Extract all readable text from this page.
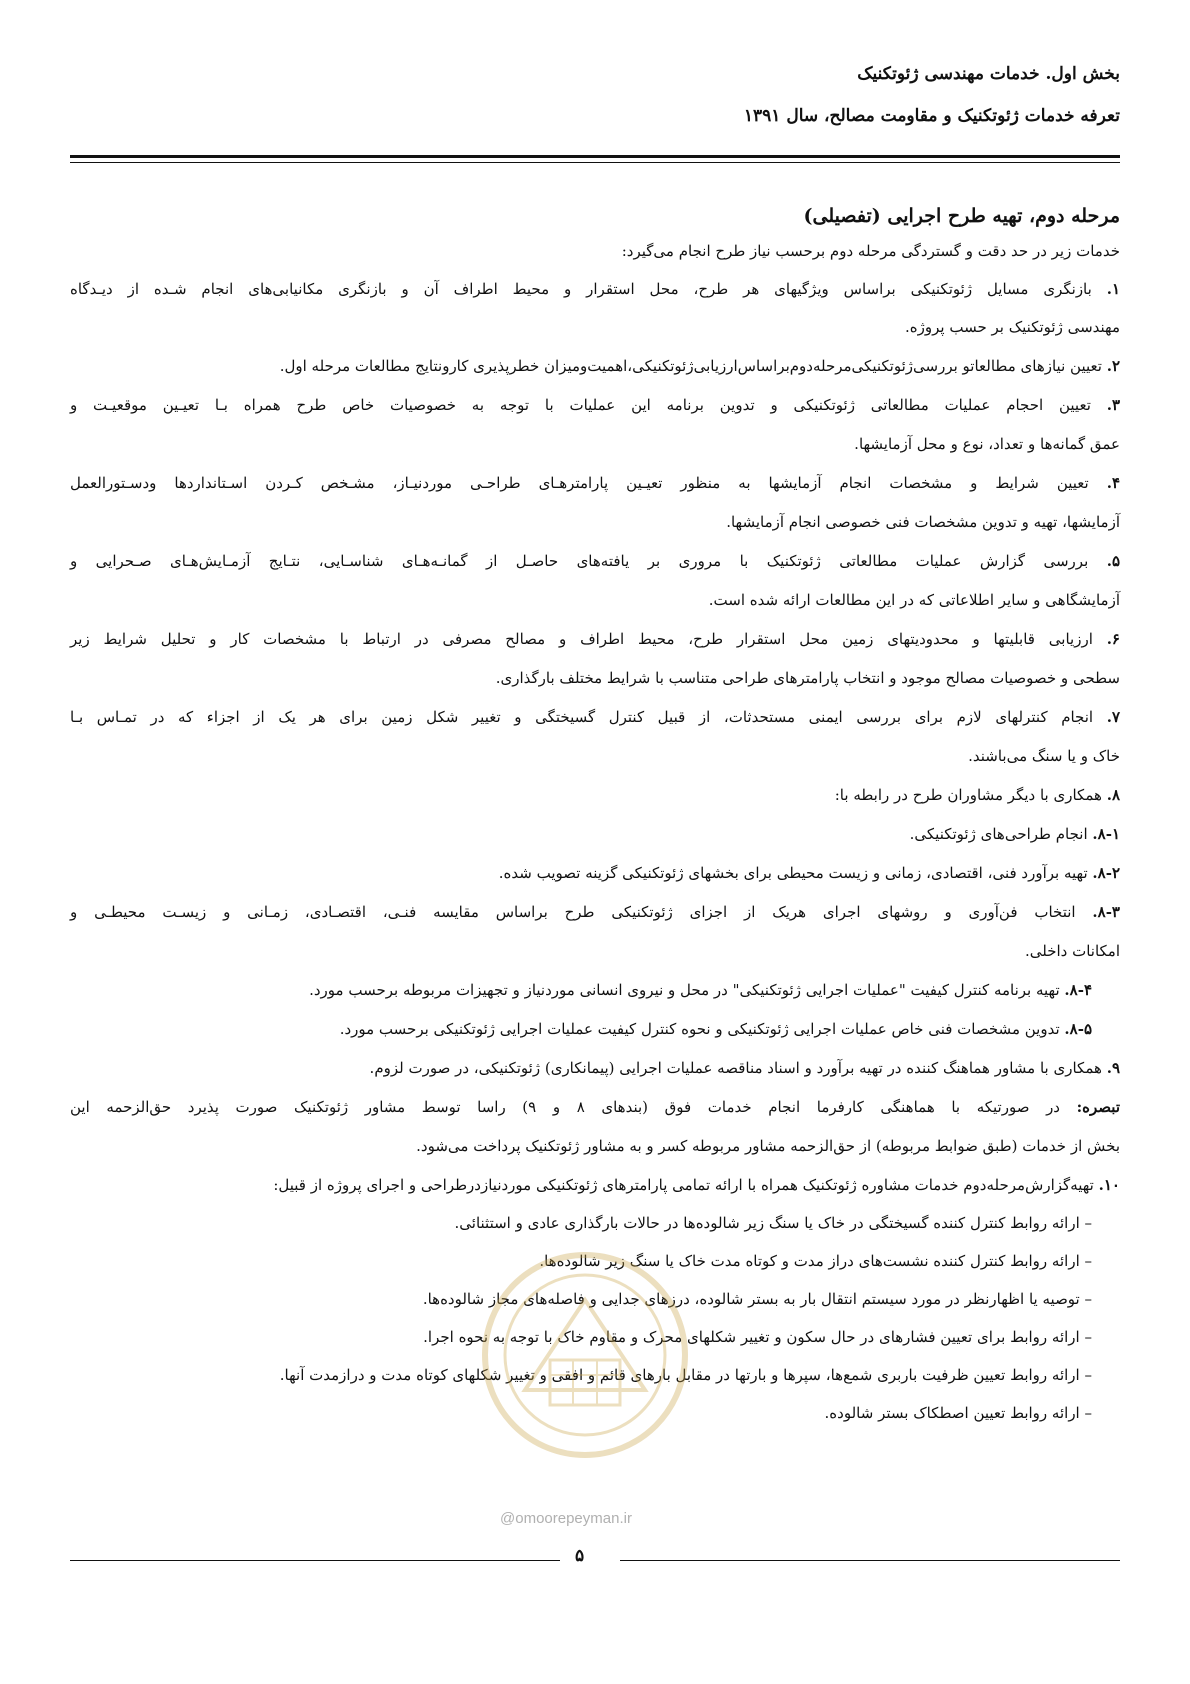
بخش اول. خدمات مهندسی ژئوتکنیک
تعرفه خدمات ژئوتکنیک و مقاومت مصالح، سال ۱۳۹۱
مرحله دوم، تهیه طرح اجرایی (تفصیلی)
خدمات زیر در حد دقت و گستردگی مرحله دوم برحسب نیاز طرح انجام می‌گیرد:
۱. بازنگری مسایل ژئوتکنیکی براساس ویژگیهای هر طرح، محل استقرار و محیط اطراف آن و بازنگری مکانیابی‌های انجام شـده از دیـدگاه
مهندسی ژئوتکنیک بر حسب پروژه.
۲. تعیین نیازهای مطالعاتو بررسی‌ژئوتکنیکی‌مرحله‌دوم‌براساس‌ارزیابی‌ژئوتکنیکی،اهمیت‌ومیزان خطرپذیری کارونتایج مطالعات مرحله اول.
۳. تعیین احجام عملیات مطالعاتی ژئوتکنیکی و تدوین برنامه این عملیات با توجه به خصوصیات خاص طرح همراه بـا تعیـین موقعیـت و
عمق گمانه‌ها و تعداد، نوع و محل آزمایشها.
۴. تعیین شرایط و مشخصات انجام آزمایشها به منظور تعیـین پارامترهـای طراحـی موردنیـاز، مشـخص کـردن اسـتانداردها ودسـتورالعمل
آزمایشها، تهیه و تدوین مشخصات فنی خصوصی انجام آزمایشها.
۵. بررسی گزارش عملیات مطالعاتی ژئوتکنیک با مروری بر یافته‌های حاصـل از گمانـه‌هـای شناسـایی، نتـایج آزمـایش‌هـای صـحرایی و
آزمایشگاهی و سایر اطلاعاتی که در این مطالعات ارائه شده است.
۶. ارزیابی قابلیتها و محدودیتهای زمین محل استقرار طرح، محیط اطراف و مصالح مصرفی در ارتباط با مشخصات کار و تحلیل شرایط زیر
سطحی و خصوصیات مصالح موجود و انتخاب پارامترهای طراحی متناسب با شرایط مختلف بارگذاری.
۷. انجام کنترلهای لازم برای بررسی ایمنی مستحدثات، از قبیل کنترل گسیختگی و تغییر شکل زمین برای هر یک از اجزاء که در تمـاس بـا
خاک و یا سنگ می‌باشند.
۸. همکاری با دیگر مشاوران طرح در رابطه با:
۸-۱. انجام طراحی‌های ژئوتکنیکی.
۸-۲. تهیه برآورد فنی، اقتصادی، زمانی و زیست محیطی برای بخشهای ژئوتکنیکی گزینه تصویب شده.
۸-۳. انتخاب فن‌آوری و روشهای اجرای هریک از اجزای ژئوتکنیکی طرح براساس مقایسه فنـی، اقتصـادی، زمـانی و زیسـت محیطـی و
امکانات داخلی.
۸-۴. تهیه برنامه کنترل کیفیت "عملیات اجرایی ژئوتکنیکی" در محل و نیروی انسانی موردنیاز و تجهیزات مربوطه برحسب مورد.
۸-۵. تدوین مشخصات فنی خاص عملیات اجرایی ژئوتکنیکی و نحوه کنترل کیفیت عملیات اجرایی ژئوتکنیکی برحسب مورد.
۹. همکاری با مشاور هماهنگ کننده در تهیه برآورد و اسناد مناقصه عملیات اجرایی (پیمانکاری) ژئوتکنیکی، در صورت لزوم.
تبصره: در صورتیکه با هماهنگی کارفرما انجام خدمات فوق (بندهای ۸ و ۹) راسا توسط مشاور ژئوتکنیک صورت پذیرد حق‌الزحمه این
بخش از خدمات (طبق ضوابط مربوطه) از حق‌الزحمه مشاور مربوطه کسر و به مشاور ژئوتکنیک پرداخت می‌شود.
۱۰. تهیه‌گزارش‌مرحله‌دوم خدمات مشاوره ژئوتکنیک همراه با ارائه تمامی پارامترهای ژئوتکنیکی موردنیازدرطراحی و اجرای پروژه از قبیل:
– ارائه روابط کنترل کننده گسیختگی در خاک یا سنگ زیر شالوده‌ها در حالات بارگذاری عادی و استثنائی.
– ارائه روابط کنترل کننده نشست‌های دراز مدت و کوتاه مدت خاک یا سنگ زیر شالوده‌ها.
– توصیه یا اظهارنظر در مورد سیستم انتقال بار به بستر شالوده، درزهای جدایی و فاصله‌های مجاز شالوده‌ها.
– ارائه روابط برای تعیین فشارهای در حال سکون و تغییر شکلهای محرک و مقاوم خاک با توجه به نحوه اجرا.
– ارائه روابط تعیین ظرفیت باربری شمع‌ها، سپرها و بارتها در مقابل بارهای قائم و افقی و تغییر شکلهای کوتاه مدت و درازمدت آنها.
– ارائه روابط تعیین اصطکاک بستر شالوده.
@omoorepeyman.ir
۵
